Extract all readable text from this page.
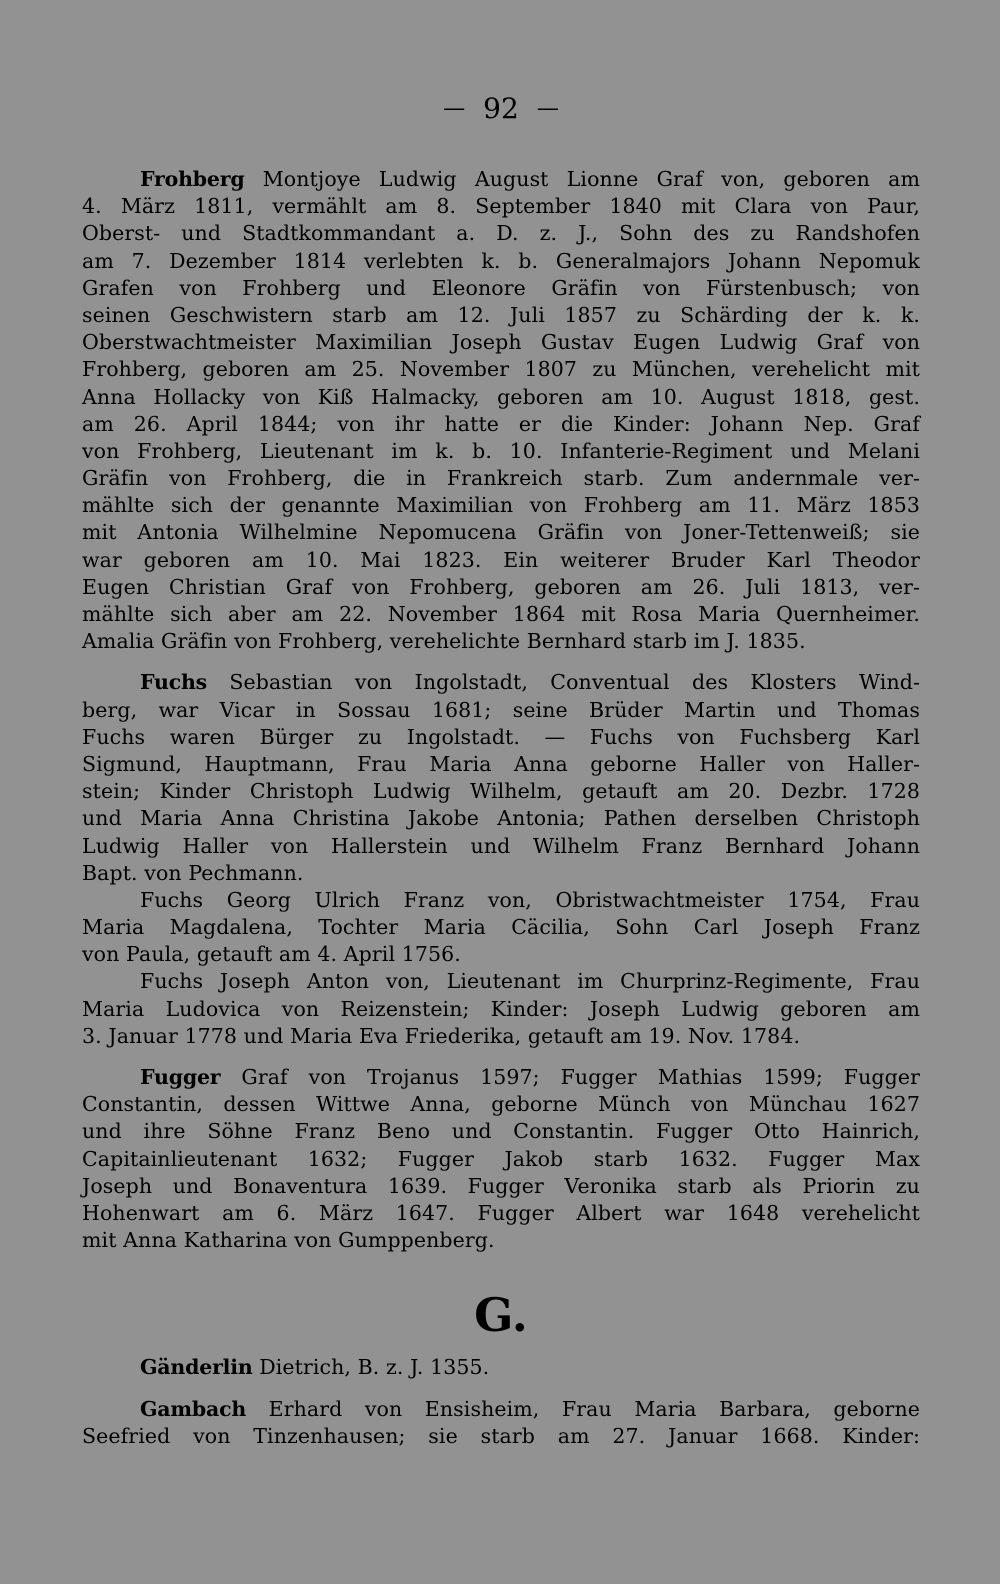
— 92 —
Frohberg Montjoye Ludwig August Lionne Graf von, geboren am
4. März 1811, vermählt am 8. September 1840 mit Clara von Paur,
Oberst- und Stadtkommandant a. D. z. J., Sohn des zu Randshofen
am 7. Dezember 1814 verlebten k. b. Generalmajors Johann Nepomuk
Grafen von Frohberg und Eleonore Gräfin von Fürstenbusch; von
seinen Geschwistern starb am 12. Juli 1857 zu Schärding der k. k.
Oberstwachtmeister Maximilian Joseph Gustav Eugen Ludwig Graf von
Frohberg, geboren am 25. November 1807 zu München, verehelicht mit
Anna Hollacky von Kiß Halmacky, geboren am 10. August 1818, gest.
am 26. April 1844; von ihr hatte er die Kinder: Johann Nep. Graf
von Frohberg, Lieutenant im k. b. 10. Infanterie-Regiment und Melani
Gräfin von Frohberg, die in Frankreich starb. Zum andernmale ver-
mählte sich der genannte Maximilian von Frohberg am 11. März 1853
mit Antonia Wilhelmine Nepomucena Gräfin von Joner-Tettenweiß; sie
war geboren am 10. Mai 1823. Ein weiterer Bruder Karl Theodor
Eugen Christian Graf von Frohberg, geboren am 26. Juli 1813, ver-
mählte sich aber am 22. November 1864 mit Rosa Maria Quernheimer.
Amalia Gräfin von Frohberg, verehelichte Bernhard starb im J. 1835.
Fuchs Sebastian von Ingolstadt, Conventual des Klosters Wind-
berg, war Vicar in Sossau 1681; seine Brüder Martin und Thomas
Fuchs waren Bürger zu Ingolstadt. — Fuchs von Fuchsberg Karl
Sigmund, Hauptmann, Frau Maria Anna geborne Haller von Haller-
stein; Kinder Christoph Ludwig Wilhelm, getauft am 20. Dezbr. 1728
und Maria Anna Christina Jakobe Antonia; Pathen derselben Christoph
Ludwig Haller von Hallerstein und Wilhelm Franz Bernhard Johann
Bapt. von Pechmann.
Fuchs Georg Ulrich Franz von, Obristwachtmeister 1754, Frau
Maria Magdalena, Tochter Maria Cäcilia, Sohn Carl Joseph Franz
von Paula, getauft am 4. April 1756.
Fuchs Joseph Anton von, Lieutenant im Churprinz-Regimente, Frau
Maria Ludovica von Reizenstein; Kinder: Joseph Ludwig geboren am
3. Januar 1778 und Maria Eva Friederika, getauft am 19. Nov. 1784.
Fugger Graf von Trojanus 1597; Fugger Mathias 1599; Fugger
Constantin, dessen Wittwe Anna, geborne Münch von Münchau 1627
und ihre Söhne Franz Beno und Constantin. Fugger Otto Hainrich,
Capitainlieutenant 1632; Fugger Jakob starb 1632. Fugger Max
Joseph und Bonaventura 1639. Fugger Veronika starb als Priorin zu
Hohenwart am 6. März 1647. Fugger Albert war 1648 verehelicht
mit Anna Katharina von Gumppenberg.
G.
Gänderlin Dietrich, B. z. J. 1355.
Gambach Erhard von Ensisheim, Frau Maria Barbara, geborne
Seefried von Tinzenhausen; sie starb am 27. Januar 1668. Kinder:
